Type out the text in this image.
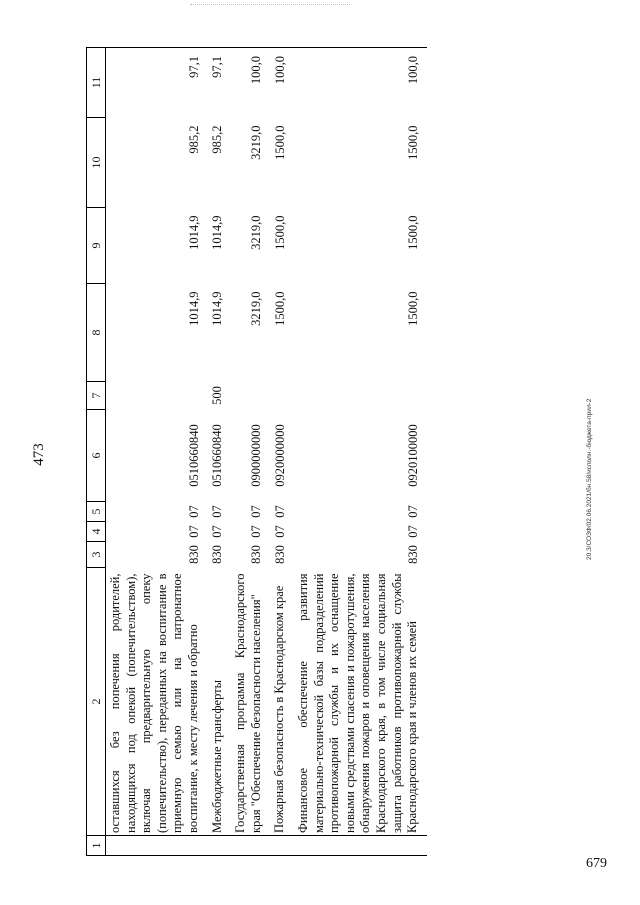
473	20.3/СОЗФ/02.06.2021/бн.58/исполн.-бюджета-прил-2
679
1	2	3	4	5	6	7	8	9	10	11
	оставшихся без попечения родителей, находящихся под опекой (попечительством), включая предварительную опеку (попечительство), переданных на воспитание в приемную семью или на патронатное воспитание, к месту лечения и обратно	830	07	07	0510660840		1014,9	1014,9	985,2	97,1
	Межбюджетные трансферты	830	07	07	0510660840	500	1014,9	1014,9	985,2	97,1
	Государственная программа Краснодарского края "Обеспечение безопасности населения"	830	07	07	0900000000		3219,0	3219,0	3219,0	100,0
	Пожарная безопасность в Краснодарском крае	830	07	07	0920000000		1500,0	1500,0	1500,0	100,0
	Финансовое обеспечение развития материально-технической базы подразделений противопожарной службы и их оснащение новыми средствами спасения и пожаротушения, обнаружения пожаров и оповещения населения Краснодарского края, в том числе социальная защита работников противопожарной службы Краснодарского края и членов их семей	830	07	07	0920100000		1500,0	1500,0	1500,0	100,0
